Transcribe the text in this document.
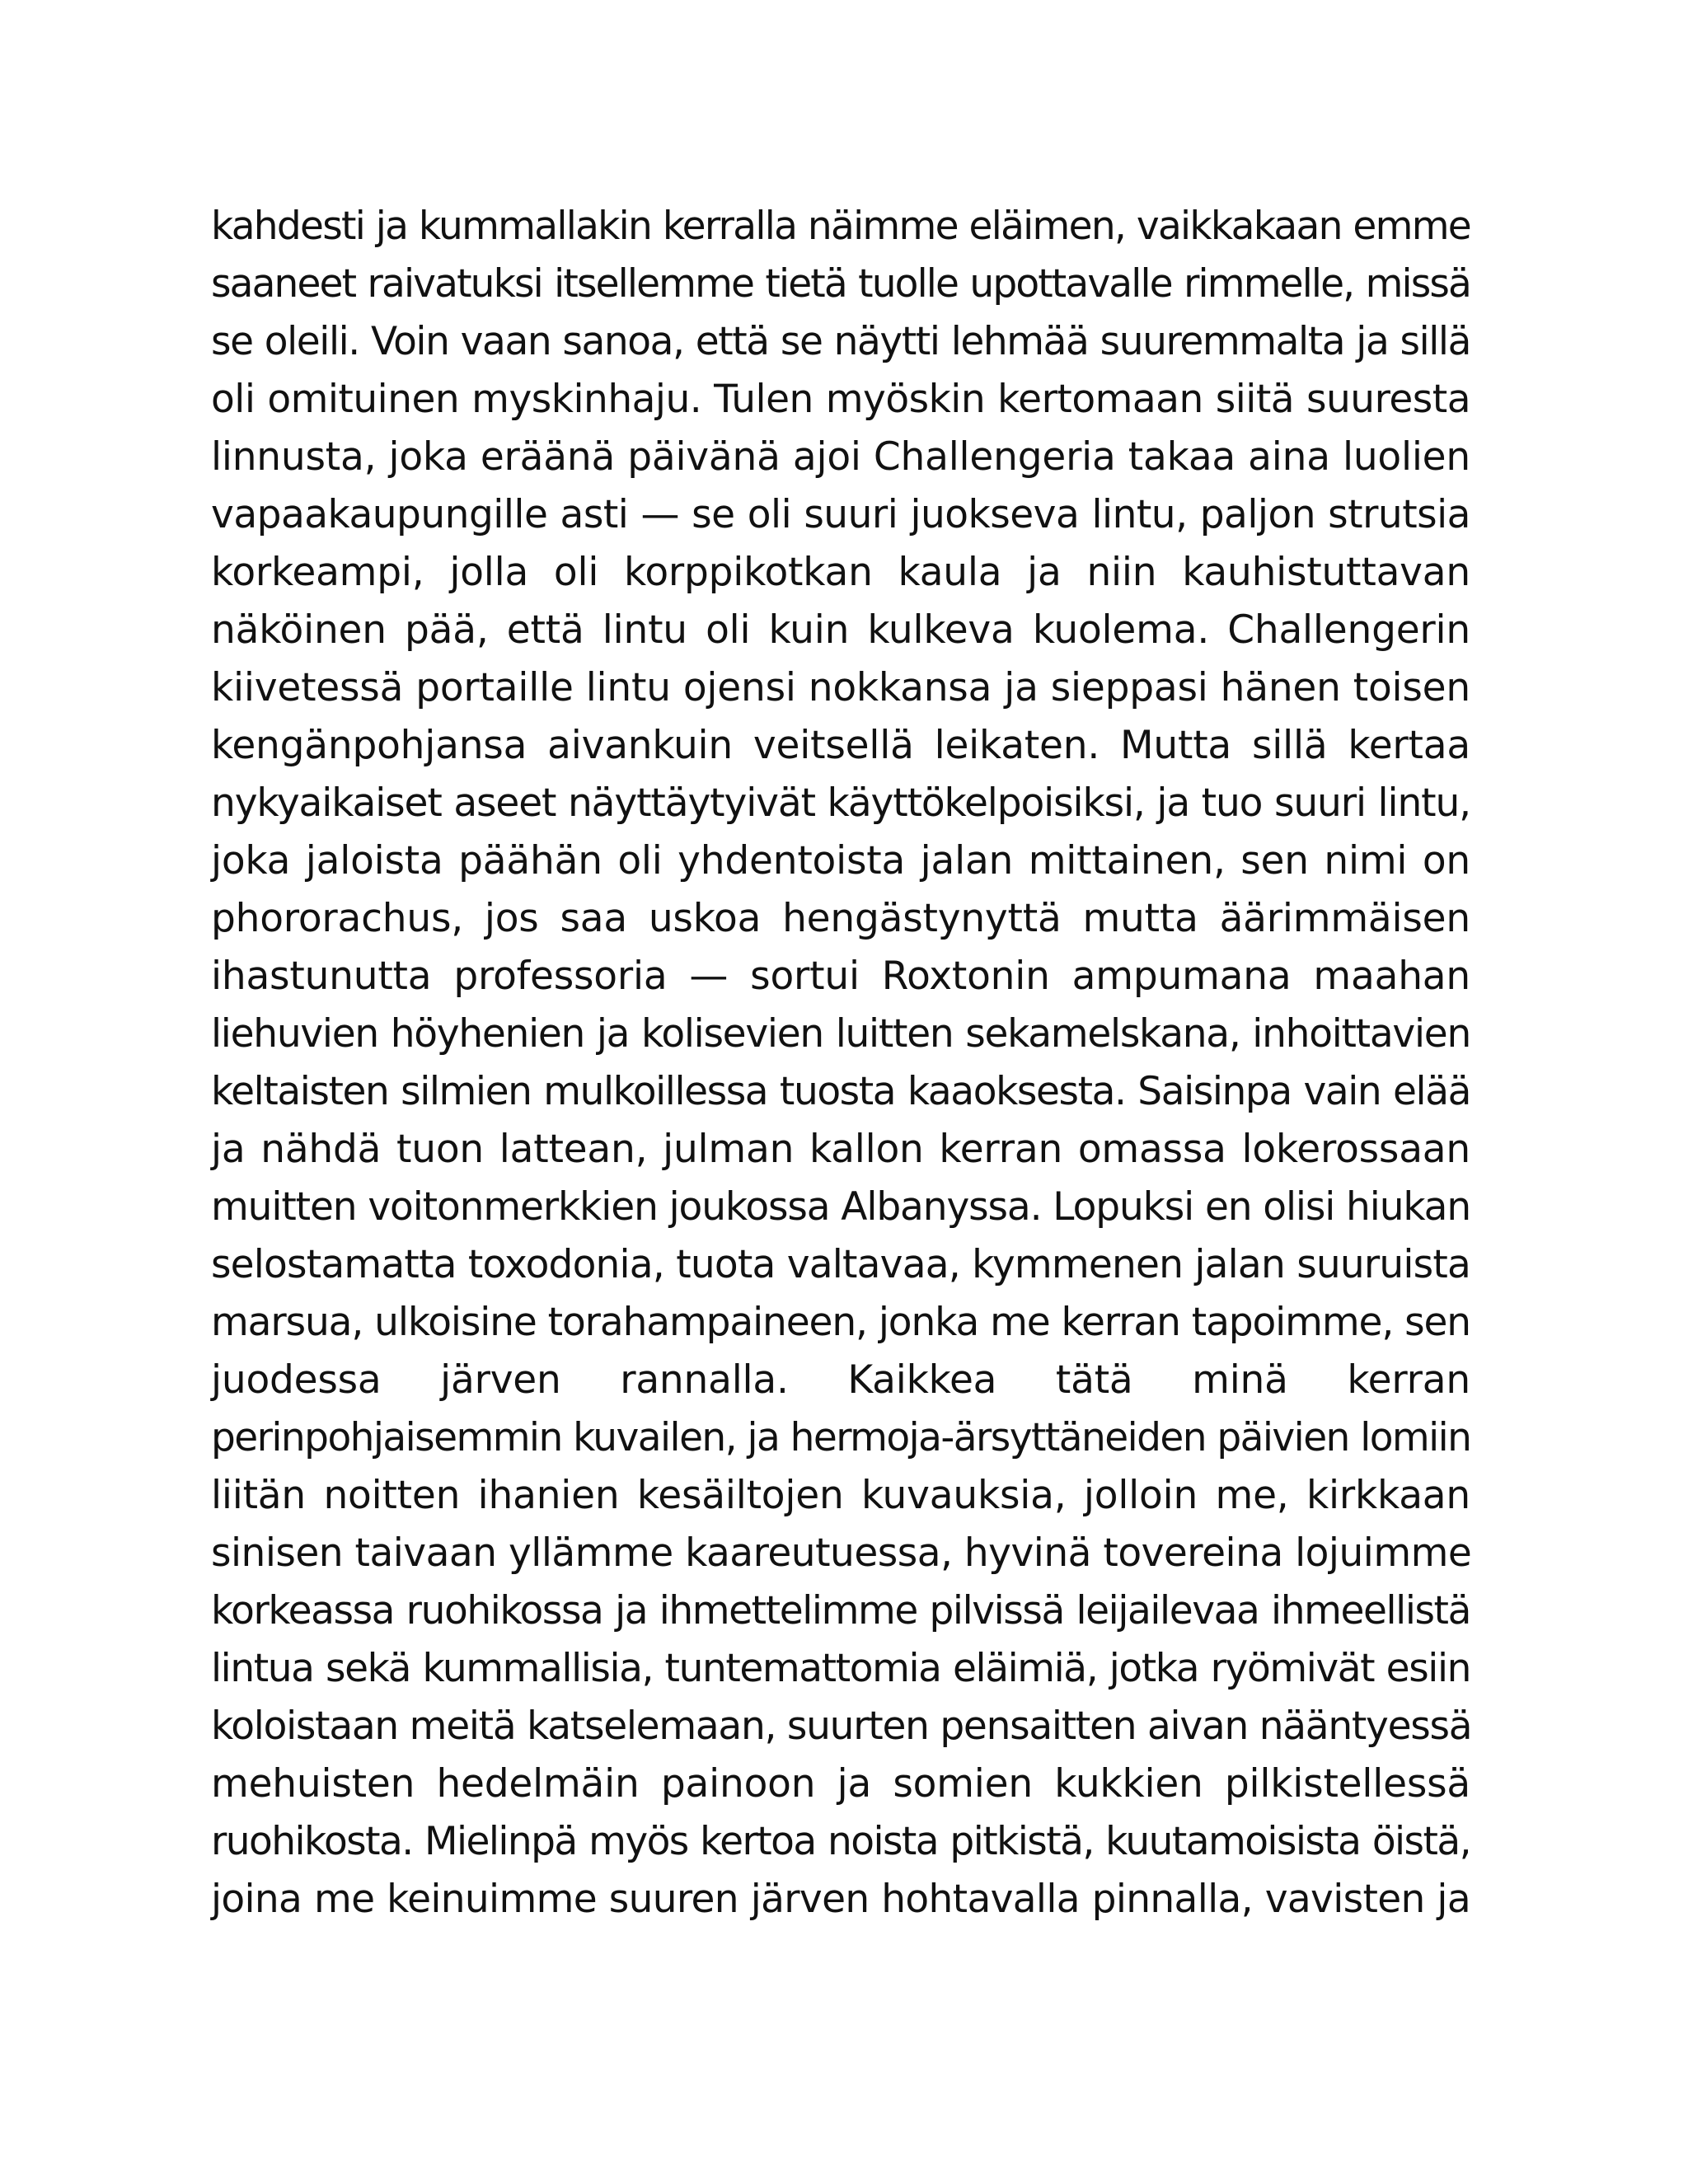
kahdesti ja kummallakin kerralla näimme eläimen, vaikkakaan emme
saaneet raivatuksi itsellemme tietä tuolle upottavalle rimmelle, missä
se oleili. Voin vaan sanoa, että se näytti lehmää suuremmalta ja sillä
oli omituinen myskinhaju. Tulen myöskin kertomaan siitä suuresta
linnusta, joka eräänä päivänä ajoi Challengeria takaa aina luolien
vapaakaupungille asti — se oli suuri juokseva lintu, paljon strutsia
korkeampi, jolla oli korppikotkan kaula ja niin kauhistuttavan
näköinen pää, että lintu oli kuin kulkeva kuolema. Challengerin
kiivetessä portaille lintu ojensi nokkansa ja sieppasi hänen toisen
kengänpohjansa aivankuin veitsellä leikaten. Mutta sillä kertaa
nykyaikaiset aseet näyttäytyivät käyttökelpoisiksi, ja tuo suuri lintu,
joka jaloista päähän oli yhdentoista jalan mittainen, sen nimi on
phororachus, jos saa uskoa hengästynyttä mutta äärimmäisen
ihastunutta professoria — sortui Roxtonin ampumana maahan
liehuvien höyhenien ja kolisevien luitten sekamelskana, inhoittavien
keltaisten silmien mulkoillessa tuosta kaaoksesta. Saisinpa vain elää
ja nähdä tuon lattean, julman kallon kerran omassa lokerossaan
muitten voitonmerkkien joukossa Albanyssa. Lopuksi en olisi hiukan
selostamatta toxodonia, tuota valtavaa, kymmenen jalan suuruista
marsua, ulkoisine torahampaineen, jonka me kerran tapoimme, sen
juodessa järven rannalla. Kaikkea tätä minä kerran
perinpohjaisemmin kuvailen, ja hermoja-ärsyttäneiden päivien lomiin
liitän noitten ihanien kesäiltojen kuvauksia, jolloin me, kirkkaan
sinisen taivaan yllämme kaareutuessa, hyvinä tovereina lojuimme
korkeassa ruohikossa ja ihmettelimme pilvissä leijailevaa ihmeellistä
lintua sekä kummallisia, tuntemattomia eläimiä, jotka ryömivät esiin
koloistaan meitä katselemaan, suurten pensaitten aivan nääntyessä
mehuisten hedelmäin painoon ja somien kukkien pilkistellessä
ruohikosta. Mielinpä myös kertoa noista pitkistä, kuutamoisista öistä,
joina me keinuimme suuren järven hohtavalla pinnalla, vavisten ja
